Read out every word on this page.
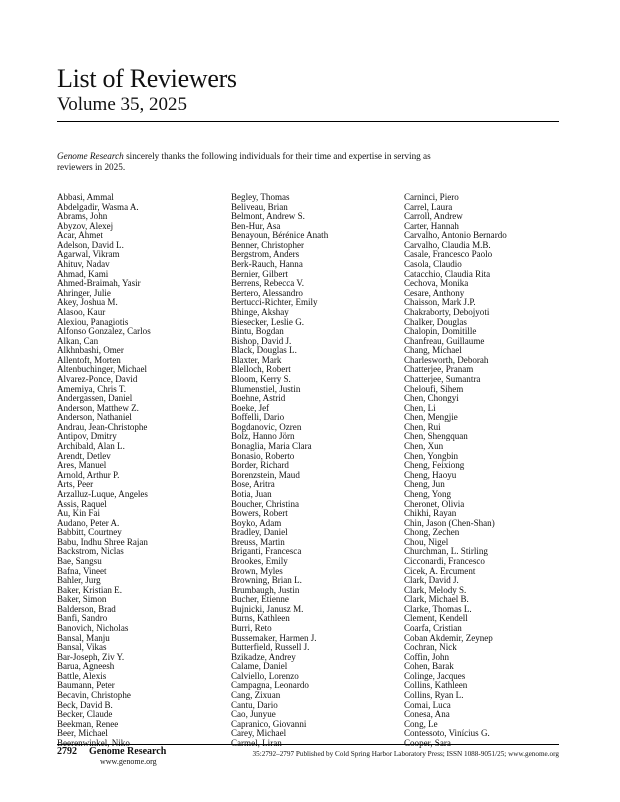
List of Reviewers
Volume 35, 2025

Genome Research sincerely thanks the following individuals for their time and expertise in serving as reviewers in 2025.

Abbasi, Ammal
Abdelgadir, Wasma A.
Abrams, John
Abyzov, Alexej
Acar, Ahmet
Adelson, David L.
Agarwal, Vikram
Ahituv, Nadav
Ahmad, Kami
Ahmed-Braimah, Yasir
Ahringer, Julie
Akey, Joshua M.
Alasoo, Kaur
Alexiou, Panagiotis
Alfonso Gonzalez, Carlos
Alkan, Can
Alkhnbashi, Omer
Allentoft, Morten
Altenbuchinger, Michael
Alvarez-Ponce, David
Amemiya, Chris T.
Andergassen, Daniel
Anderson, Matthew Z.
Anderson, Nathaniel
Andrau, Jean-Christophe
Antipov, Dmitry
Archibald, Alan L.
Arendt, Detlev
Ares, Manuel
Arnold, Arthur P.
Arts, Peer
Arzalluz-Luque, Angeles
Assis, Raquel
Au, Kin Fai
Audano, Peter A.
Babbitt, Courtney
Babu, Indhu Shree Rajan
Backstrom, Niclas
Bae, Sangsu
Bafna, Vineet
Bahler, Jurg
Baker, Kristian E.
Baker, Simon
Balderson, Brad
Banfi, Sandro
Banovich, Nicholas
Bansal, Manju
Bansal, Vikas
Bar-Joseph, Ziv Y.
Barua, Agneesh
Battle, Alexis
Baumann, Peter
Becavin, Christophe
Beck, David B.
Becker, Claude
Beekman, Renee
Beer, Michael
Beerenwinkel, Niko
Begley, Thomas
Beliveau, Brian
Belmont, Andrew S.
Ben-Hur, Asa
Benayoun, Bérénice Anath
Benner, Christopher
Bergstrom, Anders
Berk-Rauch, Hanna
Bernier, Gilbert
Berrens, Rebecca V.
Bertero, Alessandro
Bertucci-Richter, Emily
Bhinge, Akshay
Biesecker, Leslie G.
Bintu, Bogdan
Bishop, David J.
Black, Douglas L.
Blaxter, Mark
Blelloch, Robert
Bloom, Kerry S.
Blumenstiel, Justin
Boehne, Astrid
Boeke, Jef
Boffelli, Dario
Bogdanovic, Ozren
Bolz, Hanno Jörn
Bonaglia, Maria Clara
Bonasio, Roberto
Border, Richard
Borenzstein, Maud
Bose, Aritra
Botia, Juan
Boucher, Christina
Bowers, Robert
Boyko, Adam
Bradley, Daniel
Breuss, Martin
Briganti, Francesca
Brookes, Emily
Brown, Myles
Browning, Brian L.
Brumbaugh, Justin
Bucher, Etienne
Bujnicki, Janusz M.
Burns, Kathleen
Burri, Reto
Bussemaker, Harmen J.
Butterfield, Russell J.
Bzikadze, Andrey
Calame, Daniel
Calviello, Lorenzo
Campagna, Leonardo
Cang, Zixuan
Cantu, Dario
Cao, Junyue
Capranico, Giovanni
Carey, Michael
Carmel, Liran
Carninci, Piero
Carrel, Laura
Carroll, Andrew
Carter, Hannah
Carvalho, Antonio Bernardo
Carvalho, Claudia M.B.
Casale, Francesco Paolo
Casola, Claudio
Catacchio, Claudia Rita
Cechova, Monika
Cesare, Anthony
Chaisson, Mark J.P.
Chakraborty, Debojyoti
Chalker, Douglas
Chalopin, Domitille
Chanfreau, Guillaume
Chang, Michael
Charlesworth, Deborah
Chatterjee, Pranam
Chatterjee, Sumantra
Cheloufi, Sihem
Chen, Chongyi
Chen, Li
Chen, Mengjie
Chen, Rui
Chen, Shengquan
Chen, Xun
Chen, Yongbin
Cheng, Feixiong
Cheng, Haoyu
Cheng, Jun
Cheng, Yong
Cheronet, Olivia
Chikhi, Rayan
Chin, Jason (Chen-Shan)
Chong, Zechen
Chou, Nigel
Churchman, L. Stirling
Cicconardi, Francesco
Cicek, A. Ercument
Clark, David J.
Clark, Melody S.
Clark, Michael B.
Clarke, Thomas L.
Clement, Kendell
Coarfa, Cristian
Coban Akdemir, Zeynep
Cochran, Nick
Coffin, John
Cohen, Barak
Colinge, Jacques
Collins, Kathleen
Collins, Ryan L.
Comai, Luca
Conesa, Ana
Cong, Le
Contessoto, Vinícius G.
Cooper, Sara
2792 Genome Research
www.genome.org
35:2792–2797 Published by Cold Spring Harbor Laboratory Press; ISSN 1088-9051/25; www.genome.org
